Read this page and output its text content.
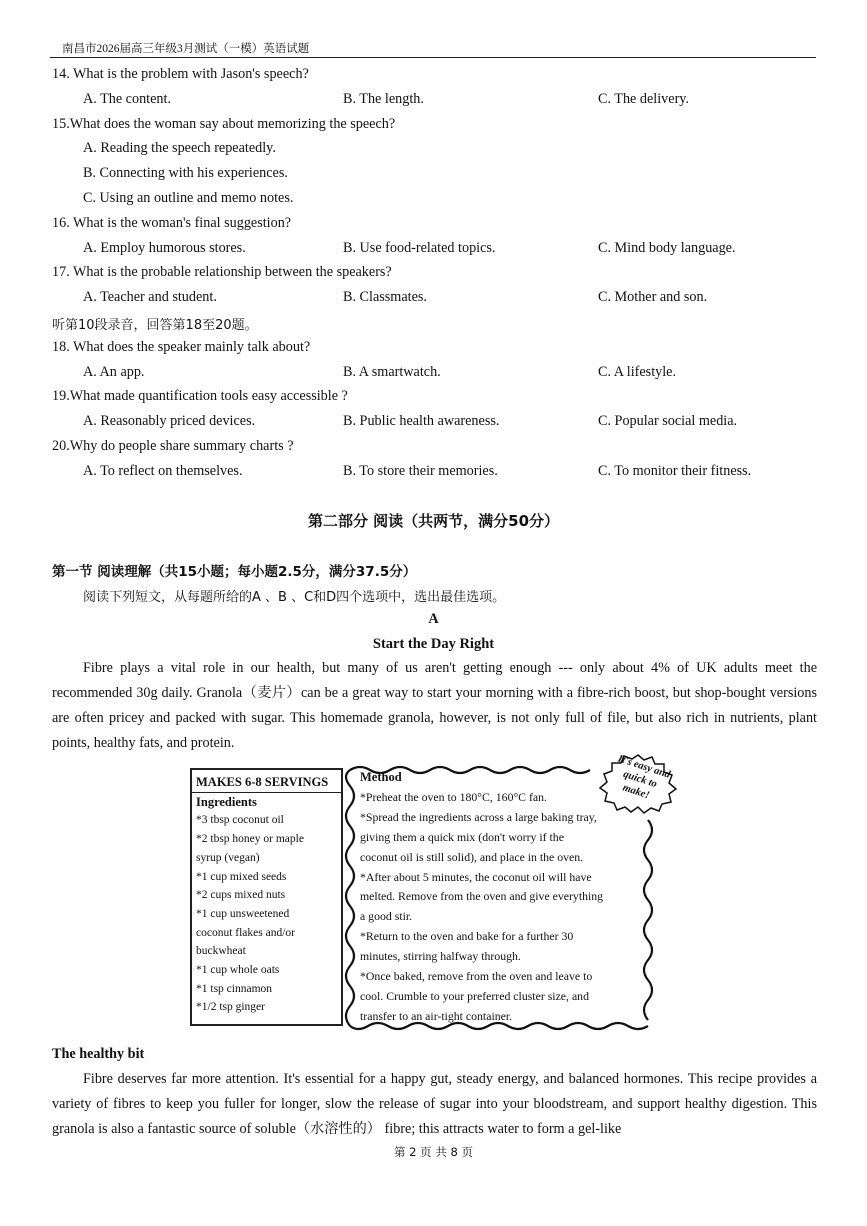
南昌市2026届高三年级3月测试（一模）英语试题
14. What is the problem with Jason's speech?
A. The content.	B. The length.	C. The delivery.
15.What does the woman say about memorizing the speech?
A. Reading the speech repeatedly.
B. Connecting with his experiences.
C. Using an outline and memo notes.
16. What is the woman's final suggestion?
A. Employ humorous stores.	B. Use food-related topics.	C. Mind body language.
17. What is the probable relationship between the speakers?
A. Teacher and student.	B. Classmates.	C. Mother and son.
听第10段录音，回答第18至20题。
18. What does the speaker mainly talk about?
A. An app.	B. A smartwatch.	C. A lifestyle.
19.What made quantification tools easy accessible ?
A. Reasonably priced devices.	B. Public health awareness.	C. Popular social media.
20.Why do people share summary charts ?
A. To reflect on themselves.	B. To store their memories.	C. To monitor their fitness.
第二部分 阅读（共两节，满分50分）
第一节 阅读理解（共15小题；每小题2.5分，满分37.5分）
阅读下列短文，从每题所给的A 、B 、C和D四个选项中，选出最佳选项。
A
Start the Day Right

Fibre plays a vital role in our health, but many of us aren't getting enough --- only about 4% of UK adults meet the recommended 30g daily. Granola（麦片）can be a great way to start your morning with a fibre-rich boost, but shop-bought versions are often pricey and packed with sugar. This homemade granola, however, is not only full of file, but also rich in nutrients, plant points, healthy fats, and protein.

MAKES 6-8 SERVINGS
Ingredients
*3 tbsp coconut oil
*2 tbsp honey or maple
syrup (vegan)
*1 cup mixed seeds
*2 cups mixed nuts
*1 cup unsweetened
coconut flakes and/or
buckwheat
*1 cup whole oats
*1 tsp cinnamon
*1/2 tsp ginger
Method
*Preheat the oven to 180°C, 160°C fan.
*Spread the ingredients across a large baking tray,
giving them a quick mix (don't worry if the
coconut oil is still solid), and place in the oven.
*After about 5 minutes, the coconut oil will have
melted. Remove from the oven and give everything
a good stir.
*Return to the oven and bake for a further 30
minutes, stirring halfway through.
*Once baked, remove from the oven and leave to
cool. Crumble to your preferred cluster size, and
transfer to an air-tight container.
It's easy and quick to make!
The healthy bit

Fibre deserves far more attention. It's essential for a happy gut, steady energy, and balanced hormones. This recipe provides a variety of fibres to keep you fuller for longer, slow the release of sugar into your bloodstream, and support healthy digestion. This granola is also a fantastic source of soluble（水溶性的） fibre; this attracts water to form a gel-like

第 2 页 共 8 页
